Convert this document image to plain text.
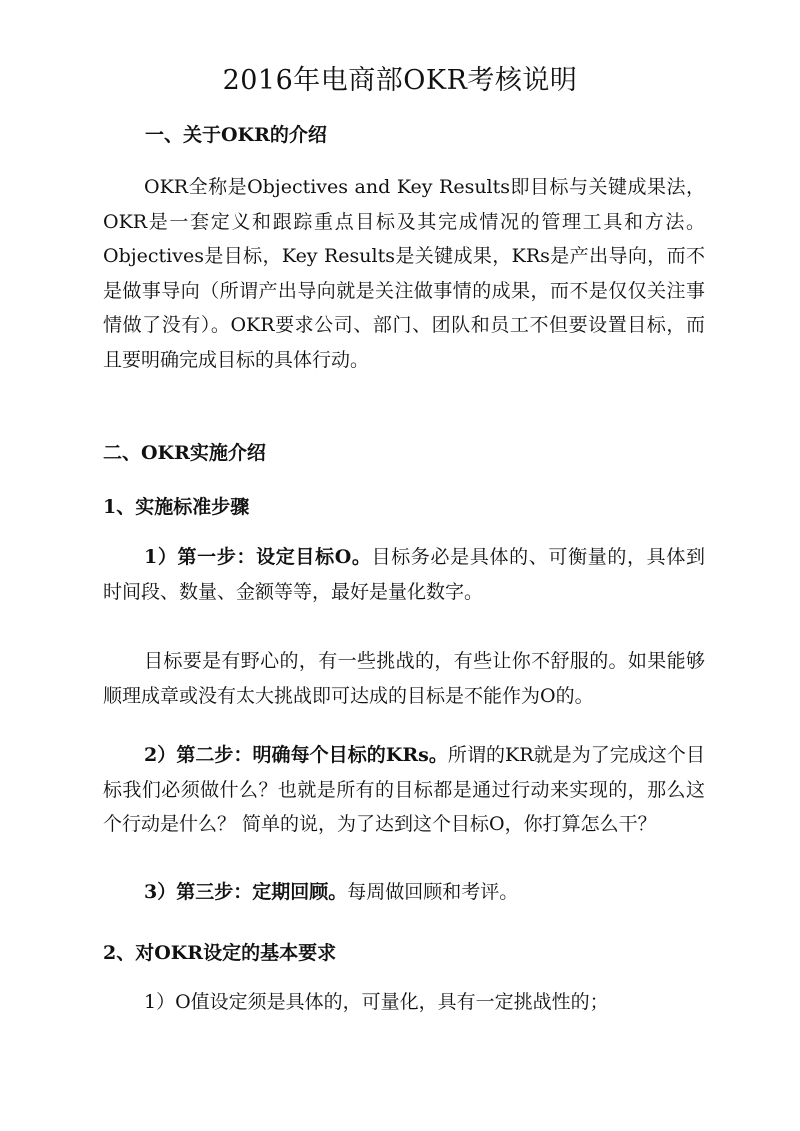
2016年电商部OKR考核说明
一、关于OKR的介绍

OKR全称是Objectives and Key Results即目标与关键成果法，OKR是一套定义和跟踪重点目标及其完成情况的管理工具和方法。Objectives是目标，Key Results是关键成果，KRs是产出导向，而不是做事导向（所谓产出导向就是关注做事情的成果，而不是仅仅关注事情做了没有）。OKR要求公司、部门、团队和员工不但要设置目标，而且要明确完成目标的具体行动。

二、OKR实施介绍
1、实施标准步骤

1）第一步：设定目标O。目标务必是具体的、可衡量的，具体到时间段、数量、金额等等，最好是量化数字。

目标要是有野心的，有一些挑战的，有些让你不舒服的。如果能够顺理成章或没有太大挑战即可达成的目标是不能作为O的。

2）第二步：明确每个目标的KRs。所谓的KR就是为了完成这个目标我们必须做什么？也就是所有的目标都是通过行动来实现的，那么这个行动是什么？ 简单的说，为了达到这个目标O，你打算怎么干？

3）第三步：定期回顾。每周做回顾和考评。

2、对OKR设定的基本要求

1）O值设定须是具体的，可量化，具有一定挑战性的；
